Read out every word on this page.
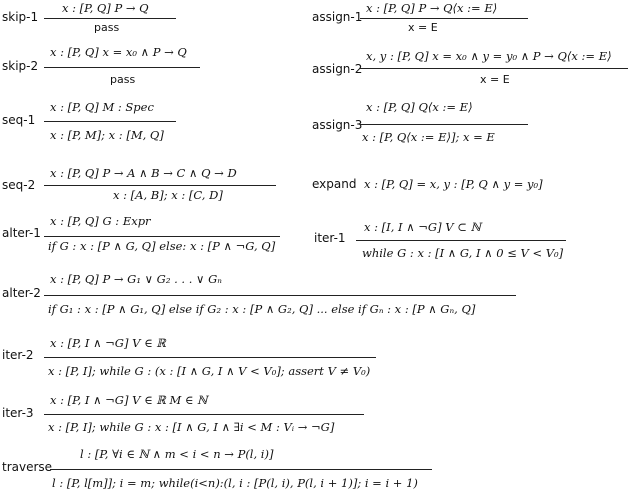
skip-1
x : [P, Q] P → Q
pass
skip-2
x : [P, Q] x = x₀ ∧ P → Q
pass
seq-1
x : [P, Q] M : Spec
x : [P, M]; x : [M, Q]
seq-2
x : [P, Q] P → A ∧ B → C ∧ Q → D
x : [A, B]; x : [C, D]
alter-1
x : [P, Q] G : Expr
if G : x : [P ∧ G, Q] else: x : [P ∧ ¬G, Q]
alter-2
x : [P, Q] P → G₁ ∨ G₂ . . . ∨ Gₙ
if G₁ : x : [P ∧ G₁, Q] else if G₂ : x : [P ∧ G₂, Q] ... else if Gₙ : x : [P ∧ Gₙ, Q]
iter-2
x : [P, I ∧ ¬G] V ∈ ℝ
x : [P, I]; while G : (x : [I ∧ G, I ∧ V < V₀]; assert V ≠ V₀)
iter-3
x : [P, I ∧ ¬G] V ∈ ℝ M ∈ ℕ
x : [P, I]; while G : x : [I ∧ G, I ∧ ∃i < M : Vᵢ → ¬G]
traverse
l : [P, ∀i ∈ ℕ ∧ m < i < n → P(l, i)]
l : [P, l[m]]; i = m; while(i<n):(l, i : [P(l, i), P(l, i + 1)]; i = i + 1)
assign-1
x : [P, Q] P → Q⟨x := E⟩
x = E
assign-2
x, y : [P, Q] x = x₀ ∧ y = y₀ ∧ P → Q⟨x := E⟩
x = E
assign-3
x : [P, Q] Q⟨x := E⟩
x : [P, Q⟨x := E⟩]; x = E
expand x : [P, Q] = x, y : [P, Q ∧ y = y₀]
iter-1
x : [I, I ∧ ¬G] V ⊂ ℕ
while G : x : [I ∧ G, I ∧ 0 ≤ V < V₀]
